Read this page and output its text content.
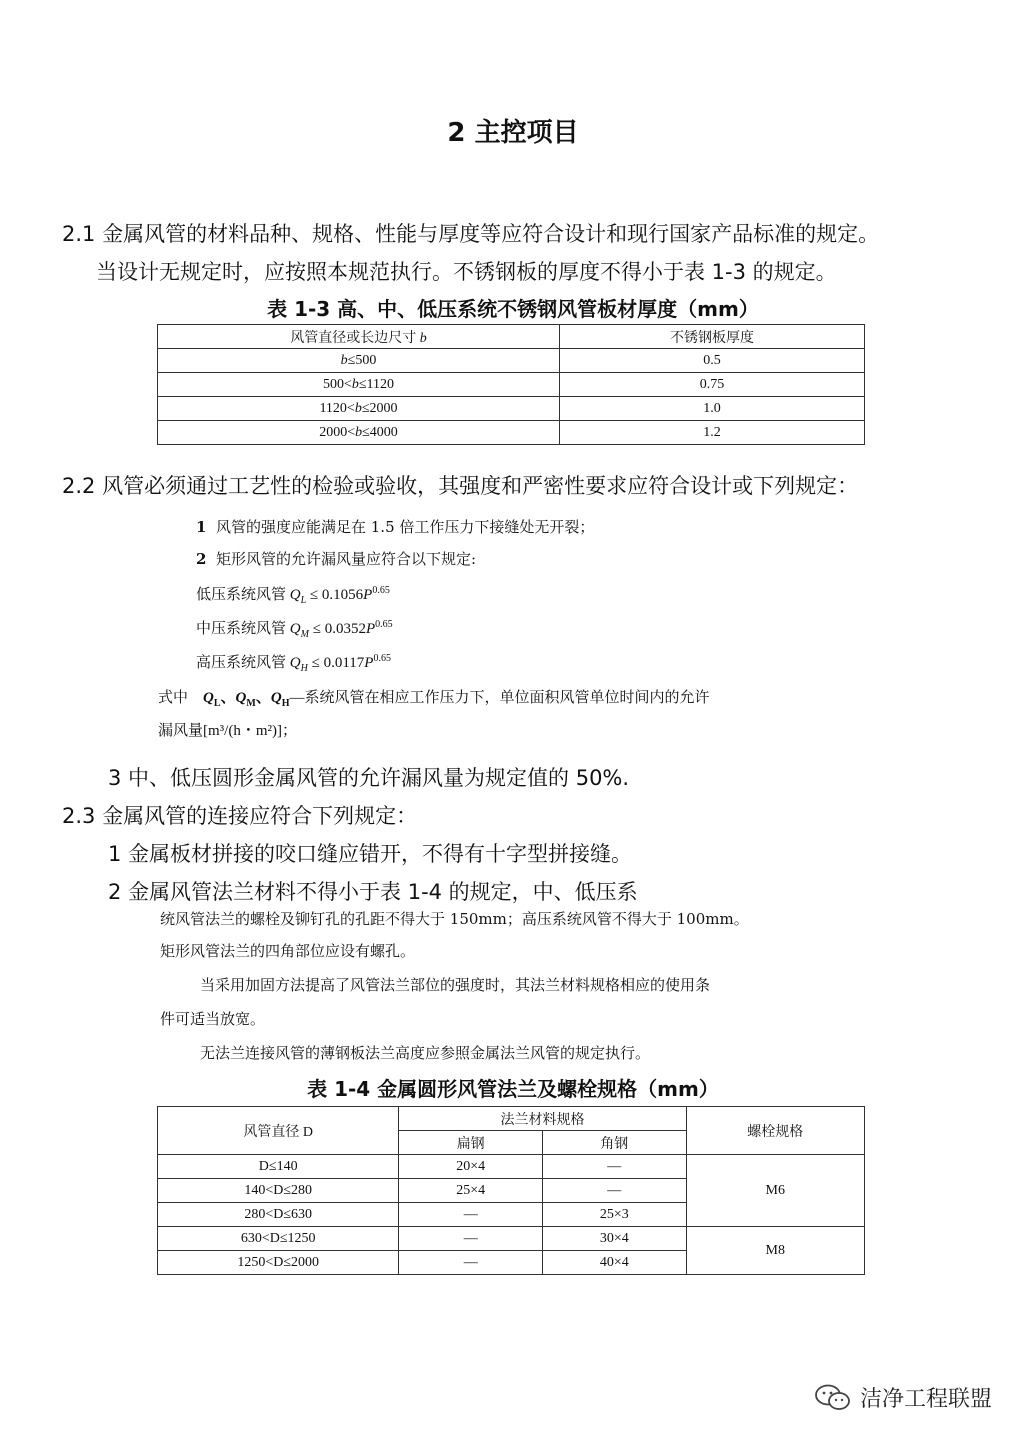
2 主控项目
2.1 金属风管的材料品种、规格、性能与厚度等应符合设计和现行国家产品标准的规定。
当设计无规定时，应按照本规范执行。不锈钢板的厚度不得小于表 1-3 的规定。
表 1-3 高、中、低压系统不锈钢风管板材厚度（mm）
风管直径或长边尺寸 b	不锈钢板厚度
b≤500	0.5
500<b≤1120	0.75
1120<b≤2000	1.0
2000<b≤4000	1.2
2.2 风管必须通过工艺性的检验或验收，其强度和严密性要求应符合设计或下列规定：
1 风管的强度应能满足在 1.5 倍工作压力下接缝处无开裂；
2 矩形风管的允许漏风量应符合以下规定:
低压系统风管 $Q_L \le 0.1056P^{0.65}$
中压系统风管 $Q_M \le 0.0352P^{0.65}$
高压系统风管 $Q_H \le 0.0117P^{0.65}$
式中 $Q_L$、$Q_M$、$Q_H—$系统风管在相应工作压力下，单位面积风管单位时间内的允许
漏风量[m³/(h・m²)]；
3 中、低压圆形金属风管的允许漏风量为规定值的 50%.
2.3 金属风管的连接应符合下列规定：
1 金属板材拼接的咬口缝应错开，不得有十字型拼接缝。
2 金属风管法兰材料不得小于表 1-4 的规定，中、低压系
统风管法兰的螺栓及铆钉孔的孔距不得大于 150mm；高压系统风管不得大于 100mm。
矩形风管法兰的四角部位应设有螺孔。
当采用加固方法提高了风管法兰部位的强度时，其法兰材料规格相应的使用条
件可适当放宽。
无法兰连接风管的薄钢板法兰高度应参照金属法兰风管的规定执行。
表 1-4 金属圆形风管法兰及螺栓规格（mm）
风管直径 D	法兰材料规格		螺栓规格
	扁钢	角钢	
D≤140	20×4	—	M6
140<D≤280	25×4	—	
280<D≤630	—	25×3	
630<D≤1250	—	30×4	M8
1250<D≤2000	—	40×4	
洁净工程联盟
